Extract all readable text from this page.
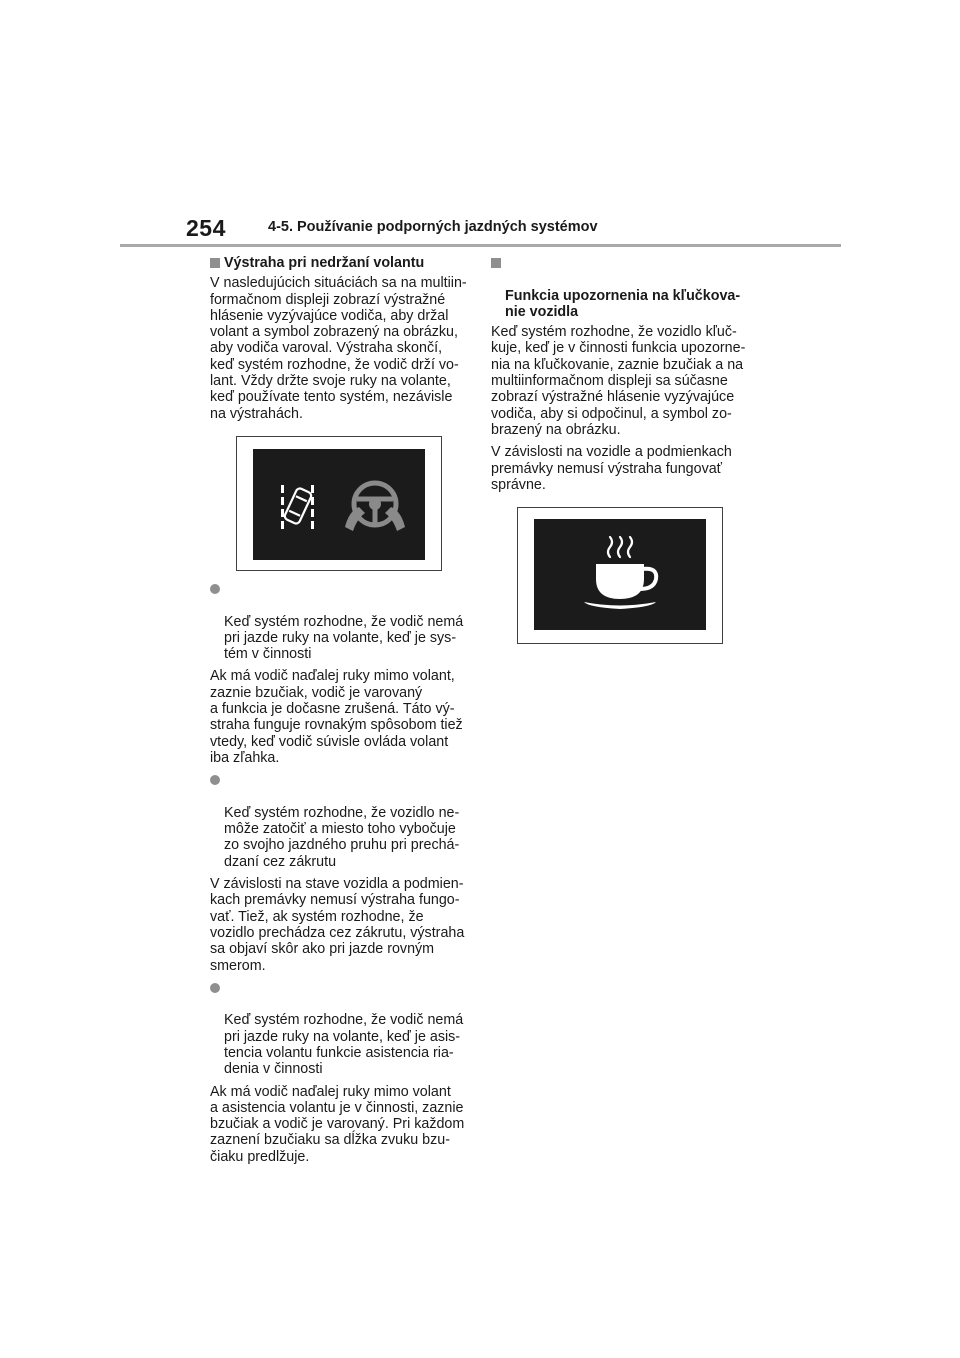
254	4-5. Používanie podporných jazdných systémov
Výstraha pri nedržaní volantu
V nasledujúcich situáciách sa na multiin-
formačnom displeji zobrazí výstražné
hlásenie vyzývajúce vodiča, aby držal
volant a symbol zobrazený na obrázku,
aby vodiča varoval. Výstraha skončí,
keď systém rozhodne, že vodič drží vo-
lant. Vždy držte svoje ruky na volante,
keď používate tento systém, nezávisle
na výstrahách.

Keď systém rozhodne, že vodič nemá
pri jazde ruky na volante, keď je sys-
tém v činnosti

Ak má vodič naďalej ruky mimo volant,
zaznie bzučiak, vodič je varovaný
a funkcia je dočasne zrušená. Táto vý-
straha funguje rovnakým spôsobom tiež
vtedy, keď vodič súvisle ovláda volant
iba zľahka.

Keď systém rozhodne, že vozidlo ne-
môže zatočiť a miesto toho vybočuje
zo svojho jazdného pruhu pri prechá-
dzaní cez zákrutu

V závislosti na stave vozidla a podmien-
kach premávky nemusí výstraha fungo-
vať. Tiež, ak systém rozhodne, že
vozidlo prechádza cez zákrutu, výstraha
sa objaví skôr ako pri jazde rovným
smerom.

Keď systém rozhodne, že vodič nemá
pri jazde ruky na volante, keď je asis-
tencia volantu funkcie asistencia ria-
denia v činnosti

Ak má vodič naďalej ruky mimo volant
a asistencia volantu je v činnosti, zaznie
bzučiak a vodič je varovaný. Pri každom
zaznení bzučiaku sa dĺžka zvuku bzu-
čiaku predlžuje.

Funkcia upozornenia na kľučkova-
nie vozidla

Keď systém rozhodne, že vozidlo kľuč-
kuje, keď je v činnosti funkcia upozorne-
nia na kľučkovanie, zaznie bzučiak a na
multiinformačnom displeji sa súčasne
zobrazí výstražné hlásenie vyzývajúce
vodiča, aby si odpočinul, a symbol zo-
brazený na obrázku.
V závislosti na vozidle a podmienkach
premávky nemusí výstraha fungovať
správne.
